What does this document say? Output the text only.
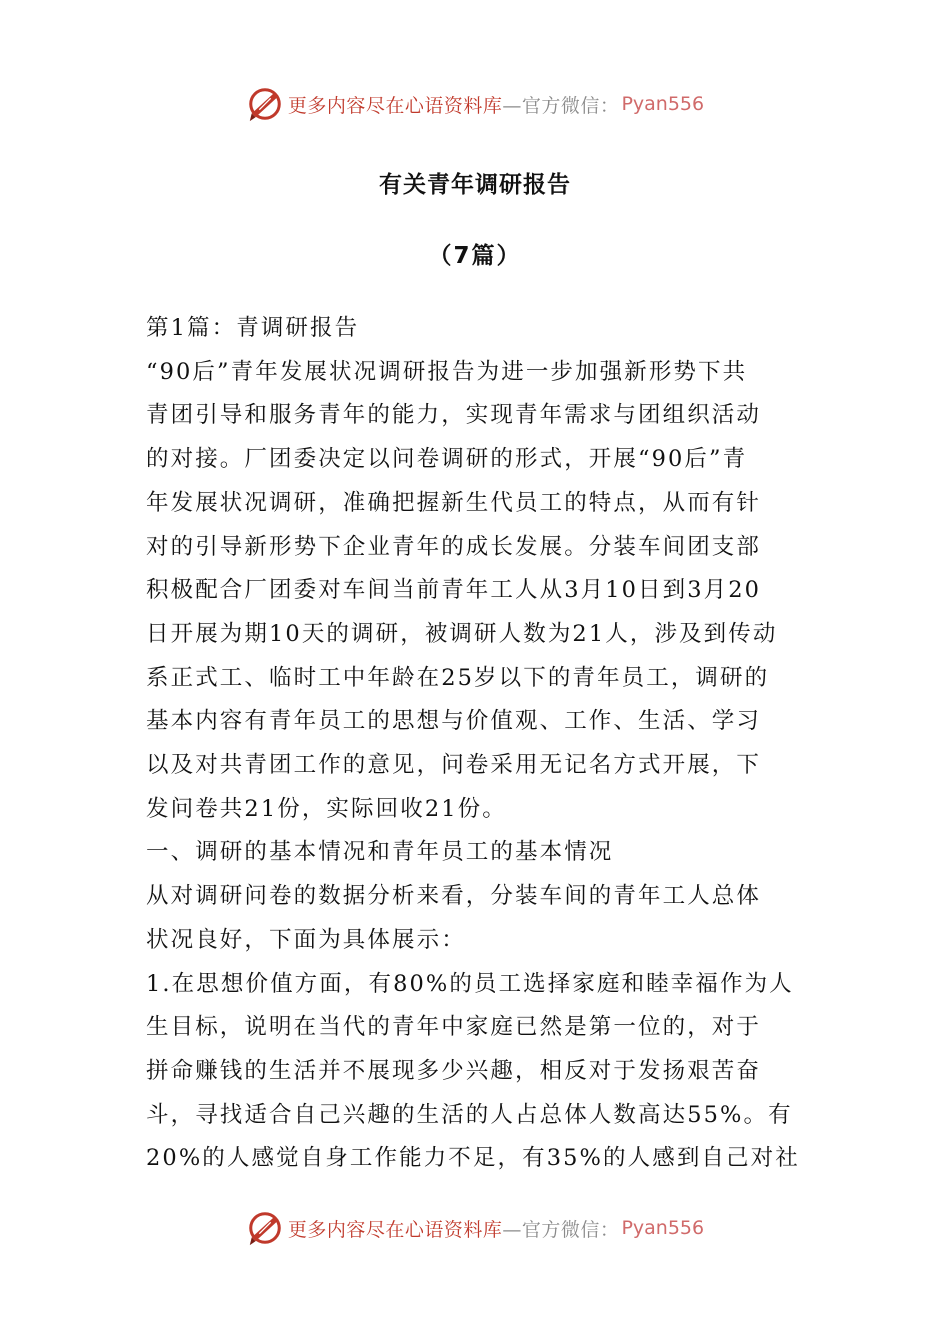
更多内容尽在心语资料库 —官方微信： Pyan556
有关青年调研报告
（7篇）
第1篇：青调研报告
“90后”青年发展状况调研报告为进一步加强新形势下共
青团引导和服务青年的能力，实现青年需求与团组织活动
的对接。厂团委决定以问卷调研的形式，开展“90后”青
年发展状况调研，准确把握新生代员工的特点，从而有针
对的引导新形势下企业青年的成长发展。分装车间团支部
积极配合厂团委对车间当前青年工人从3月10日到3月20
日开展为期10天的调研，被调研人数为21人，涉及到传动
系正式工、临时工中年龄在25岁以下的青年员工，调研的
基本内容有青年员工的思想与价值观、工作、生活、学习
以及对共青团工作的意见，问卷采用无记名方式开展，下
发问卷共21份，实际回收21份。
一、调研的基本情况和青年员工的基本情况
从对调研问卷的数据分析来看，分装车间的青年工人总体
状况良好，下面为具体展示：
1.在思想价值方面，有80%的员工选择家庭和睦幸福作为人
生目标，说明在当代的青年中家庭已然是第一位的，对于
拼命赚钱的生活并不展现多少兴趣，相反对于发扬艰苦奋
斗，寻找适合自己兴趣的生活的人占总体人数高达55%。有
20%的人感觉自身工作能力不足，有35%的人感到自己对社
更多内容尽在心语资料库 —官方微信： Pyan556
